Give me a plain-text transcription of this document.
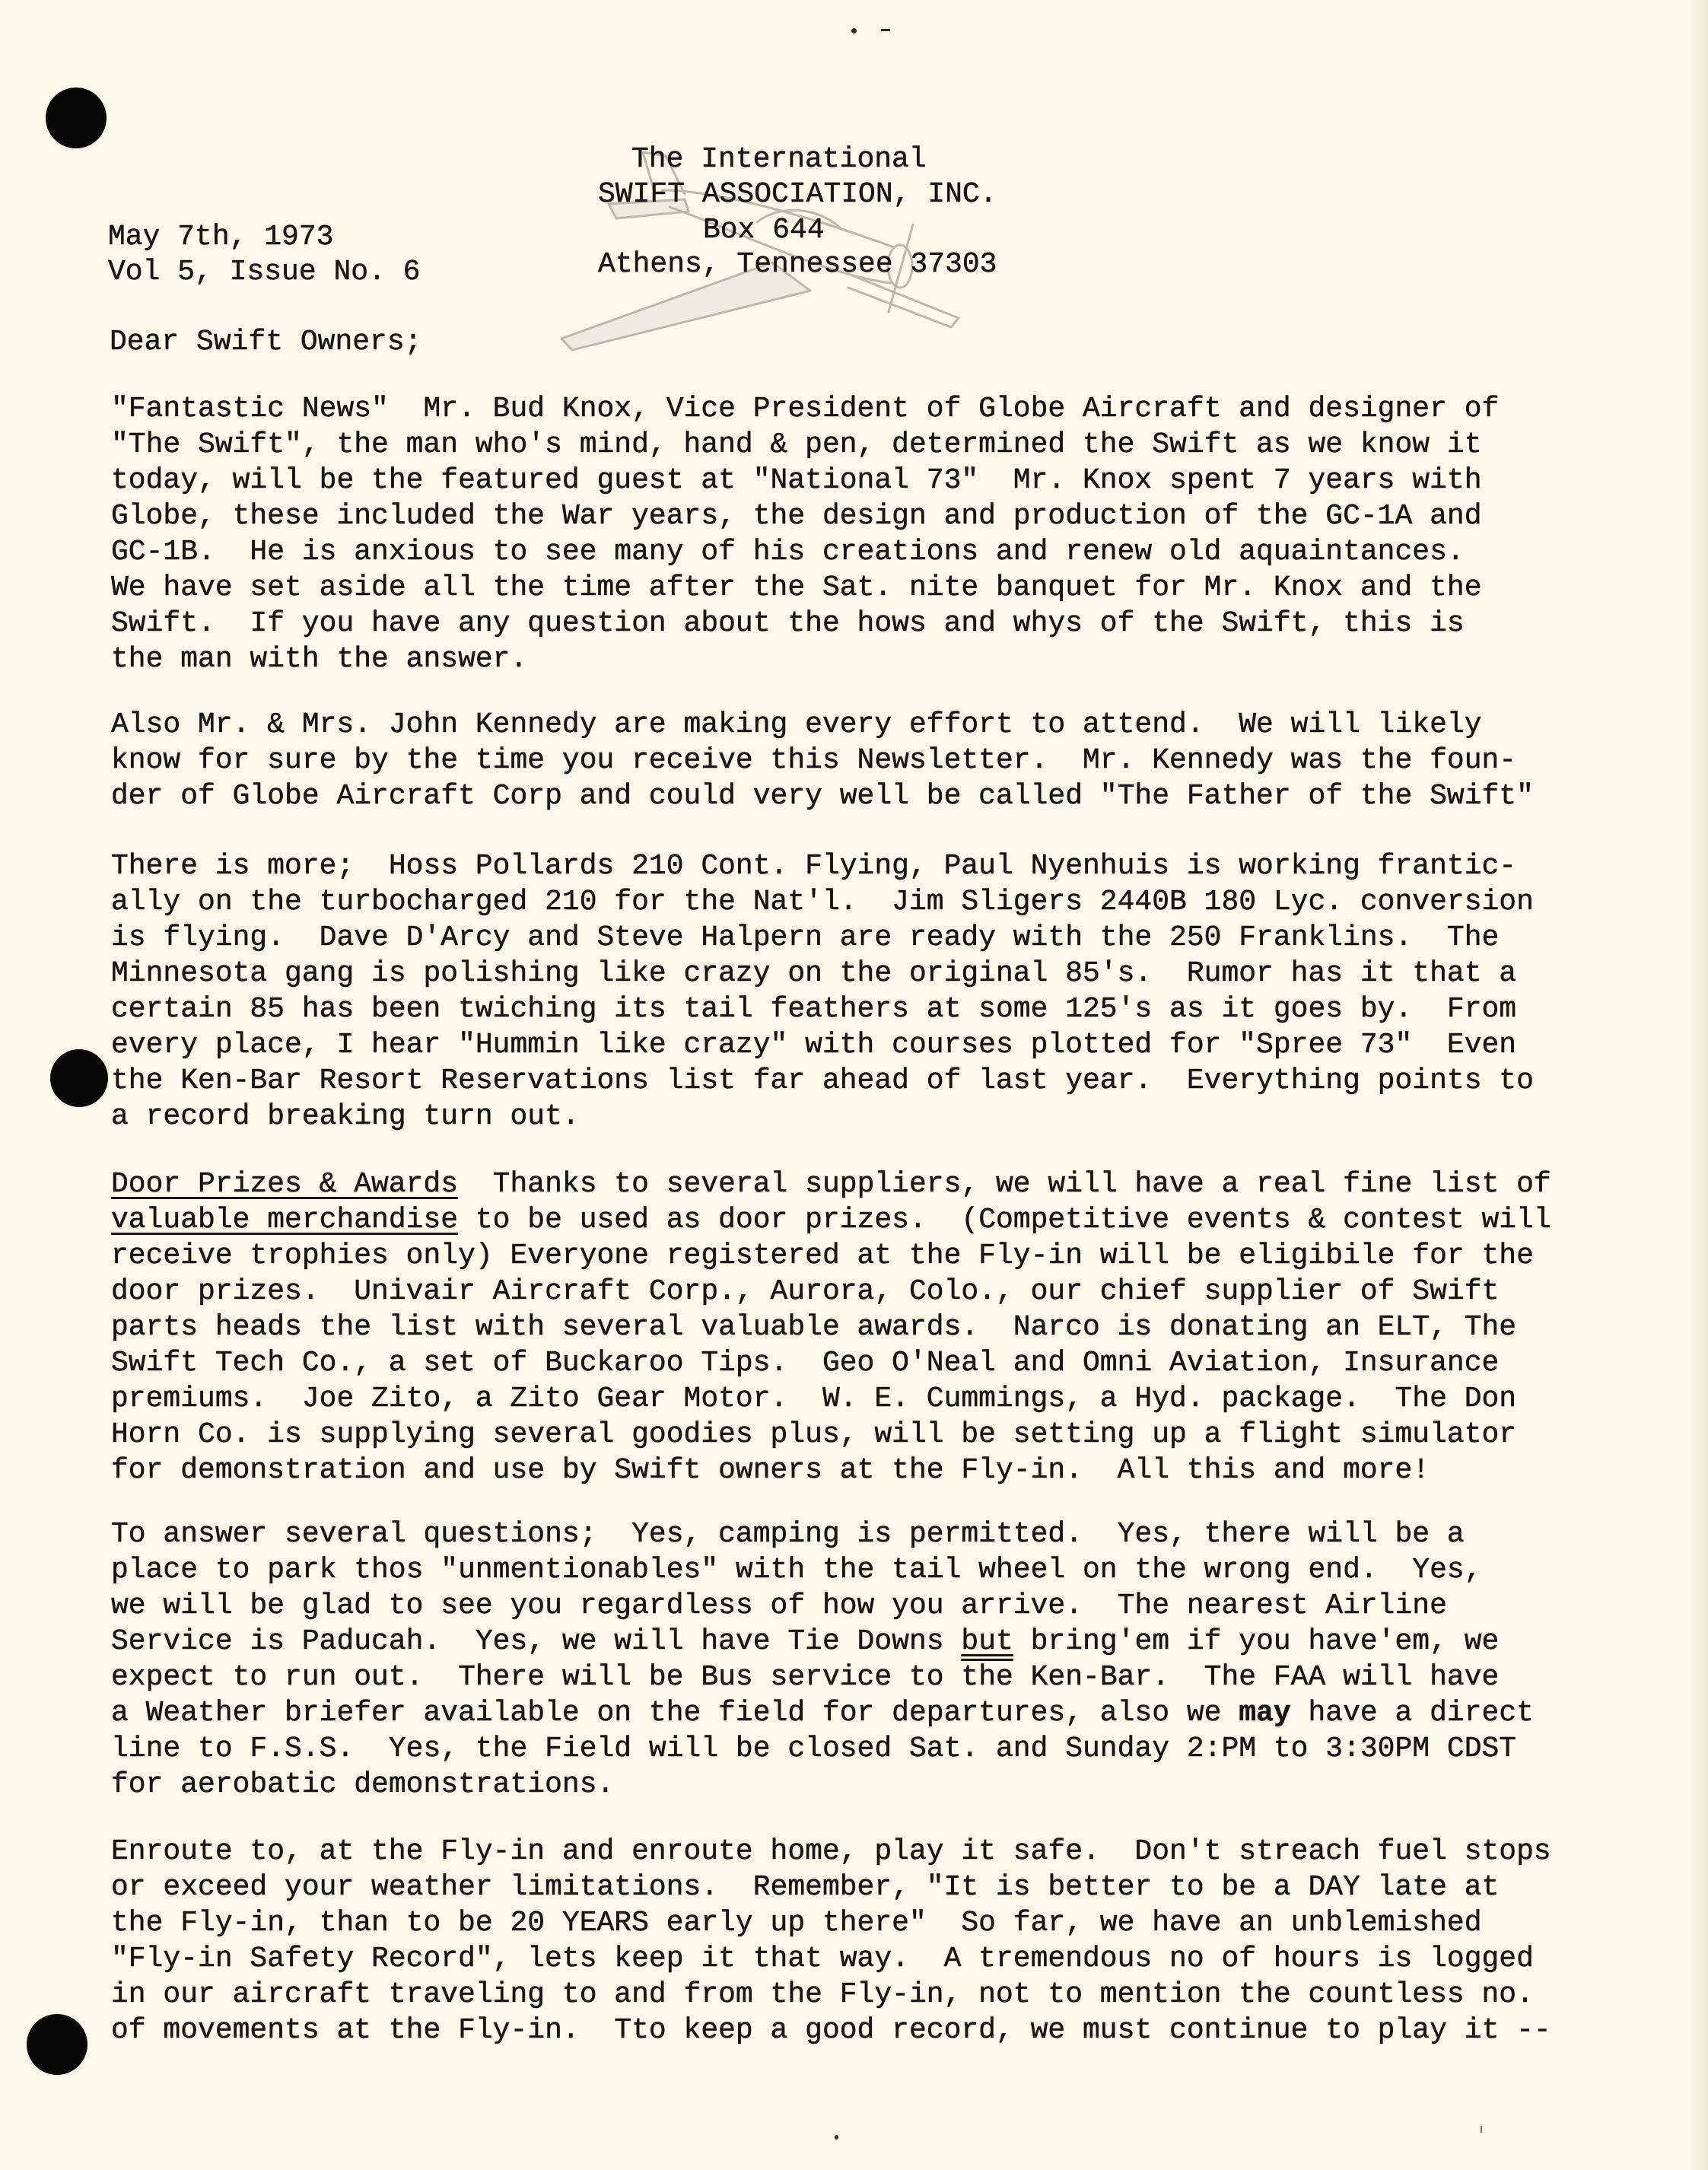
The International
SWIFT ASSOCIATION, INC.
Box 644
Athens, Tennessee 37303
May 7th, 1973
Vol 5, Issue No. 6
Dear Swift Owners;
"Fantastic News"  Mr. Bud Knox, Vice President of Globe Aircraft and designer of
"The Swift", the man who's mind, hand & pen, determined the Swift as we know it
today, will be the featured guest at "National 73"  Mr. Knox spent 7 years with
Globe, these included the War years, the design and production of the GC-1A and
GC-1B.  He is anxious to see many of his creations and renew old aquaintances.
We have set aside all the time after the Sat. nite banquet for Mr. Knox and the
Swift.  If you have any question about the hows and whys of the Swift, this is
the man with the answer.
Also Mr. & Mrs. John Kennedy are making every effort to attend.  We will likely
know for sure by the time you receive this Newsletter.  Mr. Kennedy was the foun-
der of Globe Aircraft Corp and could very well be called "The Father of the Swift"
There is more;  Hoss Pollards 210 Cont. Flying, Paul Nyenhuis is working frantic-
ally on the turbocharged 210 for the Nat'l.  Jim Sligers 2440B 180 Lyc. conversion
is flying.  Dave D'Arcy and Steve Halpern are ready with the 250 Franklins.  The
Minnesota gang is polishing like crazy on the original 85's.  Rumor has it that a
certain 85 has been twiching its tail feathers at some 125's as it goes by.  From
every place, I hear "Hummin like crazy" with courses plotted for "Spree 73"  Even
the Ken-Bar Resort Reservations list far ahead of last year.  Everything points to
a record breaking turn out.
Door Prizes & Awards  Thanks to several suppliers, we will have a real fine list of
valuable merchandise to be used as door prizes.  (Competitive events & contest will
receive trophies only) Everyone registered at the Fly-in will be eligibile for the
door prizes.  Univair Aircraft Corp., Aurora, Colo., our chief supplier of Swift
parts heads the list with several valuable awards.  Narco is donating an ELT, The
Swift Tech Co., a set of Buckaroo Tips.  Geo O'Neal and Omni Aviation, Insurance
premiums.  Joe Zito, a Zito Gear Motor.  W. E. Cummings, a Hyd. package.  The Don
Horn Co. is supplying several goodies plus, will be setting up a flight simulator
for demonstration and use by Swift owners at the Fly-in.  All this and more!
To answer several questions;  Yes, camping is permitted.  Yes, there will be a
place to park thos "unmentionables" with the tail wheel on the wrong end.  Yes,
we will be glad to see you regardless of how you arrive.  The nearest Airline
Service is Paducah.  Yes, we will have Tie Downs but bring'em if you have'em, we
expect to run out.  There will be Bus service to $\overline{the}$ Ken-Bar.  The FAA will have
a Weather briefer available on the field for departures, also we may have a direct
line to F.S.S.  Yes, the Field will be closed Sat. and Sunday 2:PM to 3:30PM CDST
for aerobatic demonstrations.
Enroute to, at the Fly-in and enroute home, play it safe.  Don't streach fuel stops
or exceed your weather limitations.  Remember, "It is better to be a DAY late at
the Fly-in, than to be 20 YEARS early up there"  So far, we have an unblemished
"Fly-in Safety Record", lets keep it that way.  A tremendous no of hours is logged
in our aircraft traveling to and from the Fly-in, not to mention the countless no.
of movements at the Fly-in.  Tto keep a good record, we must continue to play it --
